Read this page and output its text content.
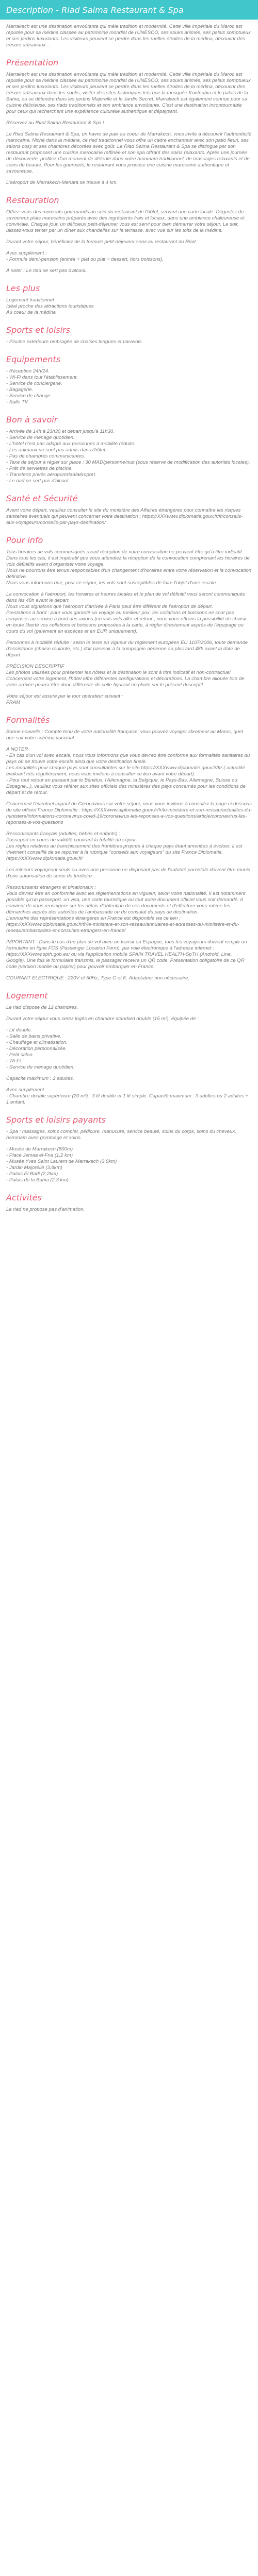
Description - Riad Salma Restaurant & Spa

Marrakech est une destination envoûtante qui mêle tradition et modernité. Cette ville impériale du Maroc est réputée pour sa médina classée au patrimoine mondial de l'UNESCO, ses souks animés, ses palais somptueux et ses jardins luxuriants. Les visiteurs peuvent se perdre dans les ruelles étroites de la médina, découvrir des trésors artisanaux ...

Présentation

Marrakech est une destination envoûtante qui mêle tradition et modernité. Cette ville impériale du Maroc est réputée pour sa médina classée au patrimoine mondial de l'UNESCO, ses souks animés, ses palais somptueux et ses jardins luxuriants. Les visiteurs peuvent se perdre dans les ruelles étroites de la médina, découvrir des trésors artisanaux dans les souks, visiter des sites historiques tels que la mosquée Koutoubia et le palais de la Bahia, ou se détendre dans les jardins Majorelle et le Jardin Secret. Marrakech est également connue pour sa cuisine délicieuse, ses riads traditionnels et son ambiance envoûtante. C'est une destination incontournable pour ceux qui recherchent une expérience culturelle authentique et dépaysant.

Réservez au Riad Salma Restaurant & Spa !

Le Riad Salma Restaurant & Spa, un havre de paix au coeur de Marrakech, vous invite à découvrir l'authenticité marocaine. Niché dans la médina, ce riad traditionnel vous offre un cadre enchanteur avec son patio fleuri, ses salons cosy et ses chambres décorées avec goût. Le Riad Salma Restaurant & Spa se distingue par son restaurant proposant une cuisine marocaine raffinée et son spa offrant des soins relaxants. Après une journée de découverte, profitez d'un moment de détente dans notre hammam traditionnel, de massages relaxants et de soins de beauté. Pour les gourmets, le restaurant vous propose une cuisine marocaine authentique et savoureuse.

L'aéroport de Marrakech-Menara se trouve à 4 km.

Restauration

Offrez-vous des moments gourmands au sein du restaurant de l'hôtel, servant une carte locale. Dégustez de savoureux plats marocains préparés avec des ingrédients frais et locaux, dans une ambiance chaleureuse et conviviale. Chaque jour, un délicieux petit-déjeuner vous est servi pour bien démarrer votre séjour. Le soir, laissez-vous tenter par un dîner aux chandelles sur la terrasse, avec vue sur les toits de la médina.

Durant votre séjour, bénéficiez de la formule petit-déjeuner servi au restaurant du Riad.

Avec supplément :
- Formule demi-pension (entrée + plat ou plat + dessert, hors boissons).

A noter : Le riad ne sert pas d'alcool.

Les plus

Logement traditionnel
Idéal proche des attractions touristiques
Au coeur de la médina

Sports et loisirs

- Piscine extérieure ombragée de chaises longues et parasols.

Equipements

- Réception 24h/24.
- Wi-Fi dans tout l'établissement.
- Service de conciergerie.
- Bagagerie.
- Service de change.
- Salle TV.

Bon à savoir

- Arrivée de 14h à 23h30 et départ jusqu'à 11h30.
- Service de ménage quotidien.
- L'hôtel n'est pas adapté aux personnes à mobilité réduite.
- Les animaux ne sont pas admis dans l'hôtel.
- Pas de chambres communicantes.
- Taxe de séjour à régler sur place : 30 MAD/personne/nuit (sous réserve de modification des autorités locales).
- Prêt de serviettes de piscine.
- Transferts privés aéroport/riad/aéroport.
- Le riad ne sert pas d'alcool.

Santé et Sécurité

Avant votre départ, veuillez consulter le site du ministère des Affaires étrangères pour connaître les risques sanitaires éventuels qui peuvent concerner votre destination : https://XXXwww.diplomatie.gouv.fr/fr/conseils-aux-voyageurs/conseils-par-pays-destination/

Pour info

Tous horaires de vols communiqués avant réception de votre convocation ne peuvent être qu'à titre indicatif.
Dans tous les cas, il est impératif que vous attendiez la réception de la convocation comprenant les horaires de vols définitifs avant d'organiser votre voyage.
Nous ne pourrons être tenus responsables d'un changement d'horaires entre votre réservation et la convocation définitive.
Nous vous informons que, pour ce séjour, les vols sont susceptibles de faire l'objet d'une escale.

La convocation à l'aéroport, les horaires et heures locales et le plan de vol définitif vous seront communiqués dans les 48h avant le départ.
Nous vous signalons que l'aéroport d'arrivée à Paris peut être différent de l'aéroport de départ.
Prestations à bord : pour vous garantir un voyage au meilleur prix, les collations et boissons ne sont pas comprises au service à bord des avions (en vols vols aller et retour ; nous vous offrons la possibilité de choisir en toute liberté vos collations et boissons proposées à la carte, à régler directement auprès de l'équipage ou cours du vol (paiement en espèces et en EUR uniquement).

Personnes à mobilité réduite : selon le texte en vigueur du règlement européen EU 1107/2006, toute demande d'assistance (chaise roulante, etc.) doit parvenir à la compagnie aérienne au plus tard 48h avant la date de départ.

PRÉCISION DESCRIPTIF
Les photos utilisées pour présenter les hôtels et la destination le sont à titre indicatif et non-contractuel. Concernant votre logement, l'hôtel offre différentes configurations et décorations. La chambre allouée lors de votre arrivée pourra être donc différente de celle figurant en photo sur le présent descriptif.

Votre séjour est assuré par le tour opérateur suivant :
FRAM

Formalités

Bonne nouvelle : Compte tenu de votre nationalité française, vous pouvez voyager librement au Maroc, quel que soit votre schéma vaccinal.

A NOTER
- En cas d'un vol avec escale, nous vous informons que vous devrez être conforme aux formalités sanitaires du pays où se trouve votre escale ainsi que votre destination finale.
Les modalités pour chaque pays sont consultables sur le site https://XXXwww.diplomatie.gouv.fr/fr/ ( actualité évoluant très régulièrement, nous vous invitons à consulter ce lien avant votre départ).
- Pour tout retour en passant par le Bénélux, l'Allemagne, la Belgique, le Pays-Bas, Allemagne, Suisse ou Espagne...), veuillez vous référer aux sites officiels des ministères des pays concernés pour les conditions de départ et de retour.

Concernant l'éventuel impact du Coronavirus sur votre séjour, nous vous invitons à consulter la page ci-dessous du site officiel France Diplomatie : https://XXXwww.diplomatie.gouv.fr/fr/le-ministere-et-son-reseau/actualites-du-ministere/informations-coronavirus-covid-19/coronavirus-les-reponses-a-vos-questions/article/coronavirus-les-reponses-a-vos-questions

Ressortissants français (adultes, bébés et enfants) :
Passeport en cours de validité couvrant la totalité du séjour.
Les règles relatives au franchissement des frontières propres à chaque pays étant amenées à évoluer, il est vivement conseillé de se reporter à la rubrique "conseils aux voyageurs" du site France Diplomatie.
https://XXXwww.diplomatie.gouv.fr/

Les mineurs voyageant seuls ou avec une personne ne disposant pas de l'autorité parentale doivent être munis d'une autorisation de sortie de territoire.

Ressortissants étrangers et binationaux :
Vous devrez être en conformité avec les réglementations en vigueur, selon votre nationalité. Il est notamment possible qu'un passeport, un visa, une carte touristique ou tout autre document officiel vous soit demandé. Il convient de vous renseigner sur les délais d'obtention de ces documents et d'effectuer vous-même les démarches auprès des autorités de l'ambassade ou du consulat du pays de destination.
L'annuaire des représentations étrangères en France est disponible via ce lien : https://XXXwww.diplomatie.gouv.fr/fr/le-ministere-et-son-reseau/annuaires-et-adresses-du-ministere-et-du-reseau/ambassades-et-consulats-etrangers-en-france/

IMPORTANT : Dans le cas d'un plan de vol avec un transit en Espagne, tous les voyageurs doivent remplir un formulaire en ligne FCS (Passenger Location Form), par voie électronique à l'adresse internet : https://XXXwww.spth.gob.es/ ou via l'application mobile SPAIN TRAVEL HEALTH-SpTH (Android, Line, Google). Une fois le formulaire transmis, le passager recevra un QR code. Présentation obligatoire de ce QR code (version mobile ou papier) pour pouvoir embarquer en France.

COURANT ELECTRIQUE : 220V et 50Hz, Type C et E. Adaptateur non nécessaire.

Logement

Le riad dispose de 12 chambres.

Durant votre séjour vous serez logés en chambre standard double (15 m²), équipée de :

- Lit double.
- Salle de bains privative.
- Chauffage et climatisation.
- Décoration personnalisée.
- Petit salon.
- Wi-Fi.
- Service de ménage quotidien.

Capacité maximum : 2 adultes.

Avec supplément :
- Chambre double supérieure (20 m²) : 3 lit double et 1 lit simple. Capacité maximum : 3 adultes ou 2 adultes + 1 enfant.

Sports et loisirs payants

- Spa : massages, soins complet, pédicure, manucure, service beauté, soins du corps, soins du cheveux, hammam avec gommage et soins.

- Musée de Marrakech (800m)
- Place Jemaa el-Fna (1,2 km)
- Musée Yves Saint Laurent de Marrakech (3,8km)
- Jardin Majorelle (3,8km)
- Palais El Badi (2,2km)
- Palais de la Bahia (2,3 km)

Activités

Le riad ne propose pas d'animation.
